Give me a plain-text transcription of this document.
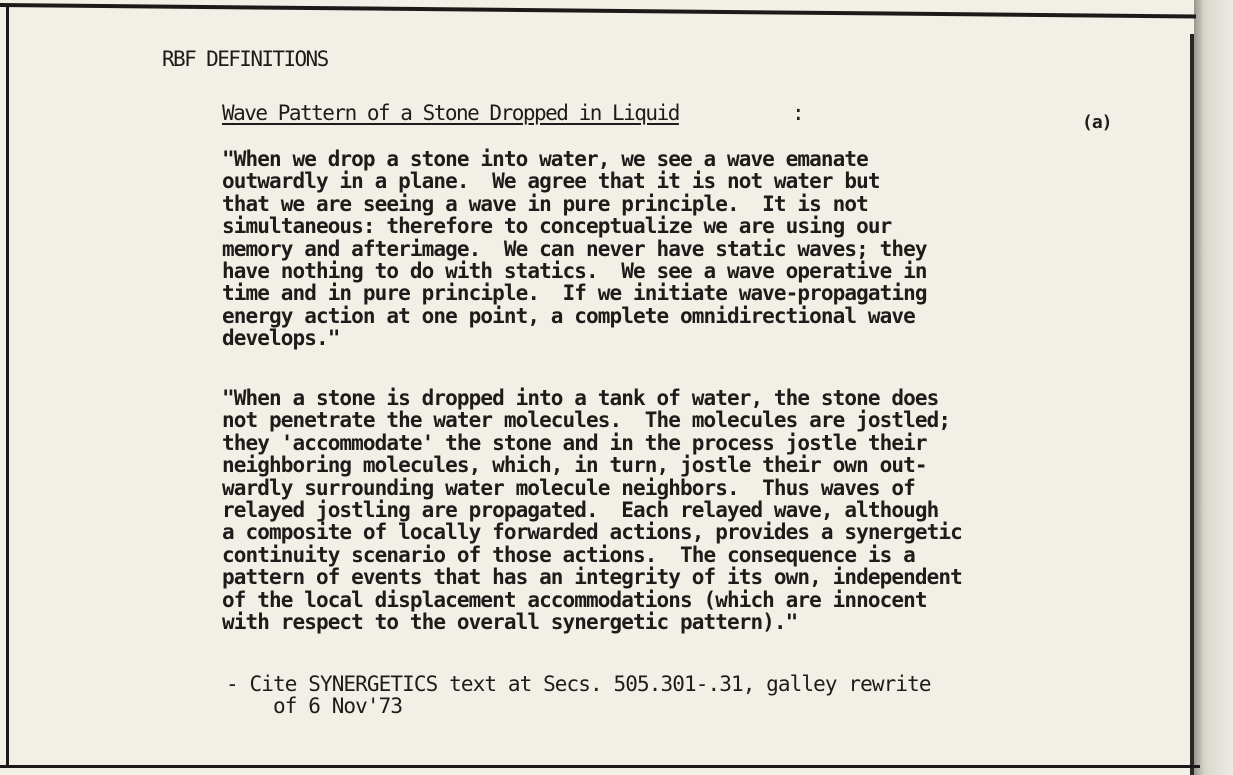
RBF DEFINITIONS

Wave Pattern of a Stone Dropped in Liquid	:	(a)

"When we drop a stone into water, we see a wave emanate
outwardly in a plane.  We agree that it is not water but
that we are seeing a wave in pure principle.  It is not
simultaneous: therefore to conceptualize we are using our
memory and afterimage.  We can never have static waves; they
have nothing to do with statics.  We see a wave operative in
time and in pure principle.  If we initiate wave-propagating
energy action at one point, a complete omnidirectional wave
develops."

"When a stone is dropped into a tank of water, the stone does
not penetrate the water molecules.  The molecules are jostled;
they 'accommodate' the stone and in the process jostle their
neighboring molecules, which, in turn, jostle their own out-
wardly surrounding water molecule neighbors.  Thus waves of
relayed jostling are propagated.  Each relayed wave, although
a composite of locally forwarded actions, provides a synergetic
continuity scenario of those actions.  The consequence is a
pattern of events that has an integrity of its own, independent
of the local displacement accommodations (which are innocent
with respect to the overall synergetic pattern)."

- Cite SYNERGETICS text at Secs. 505.301-.31, galley rewrite
of 6 Nov'73
